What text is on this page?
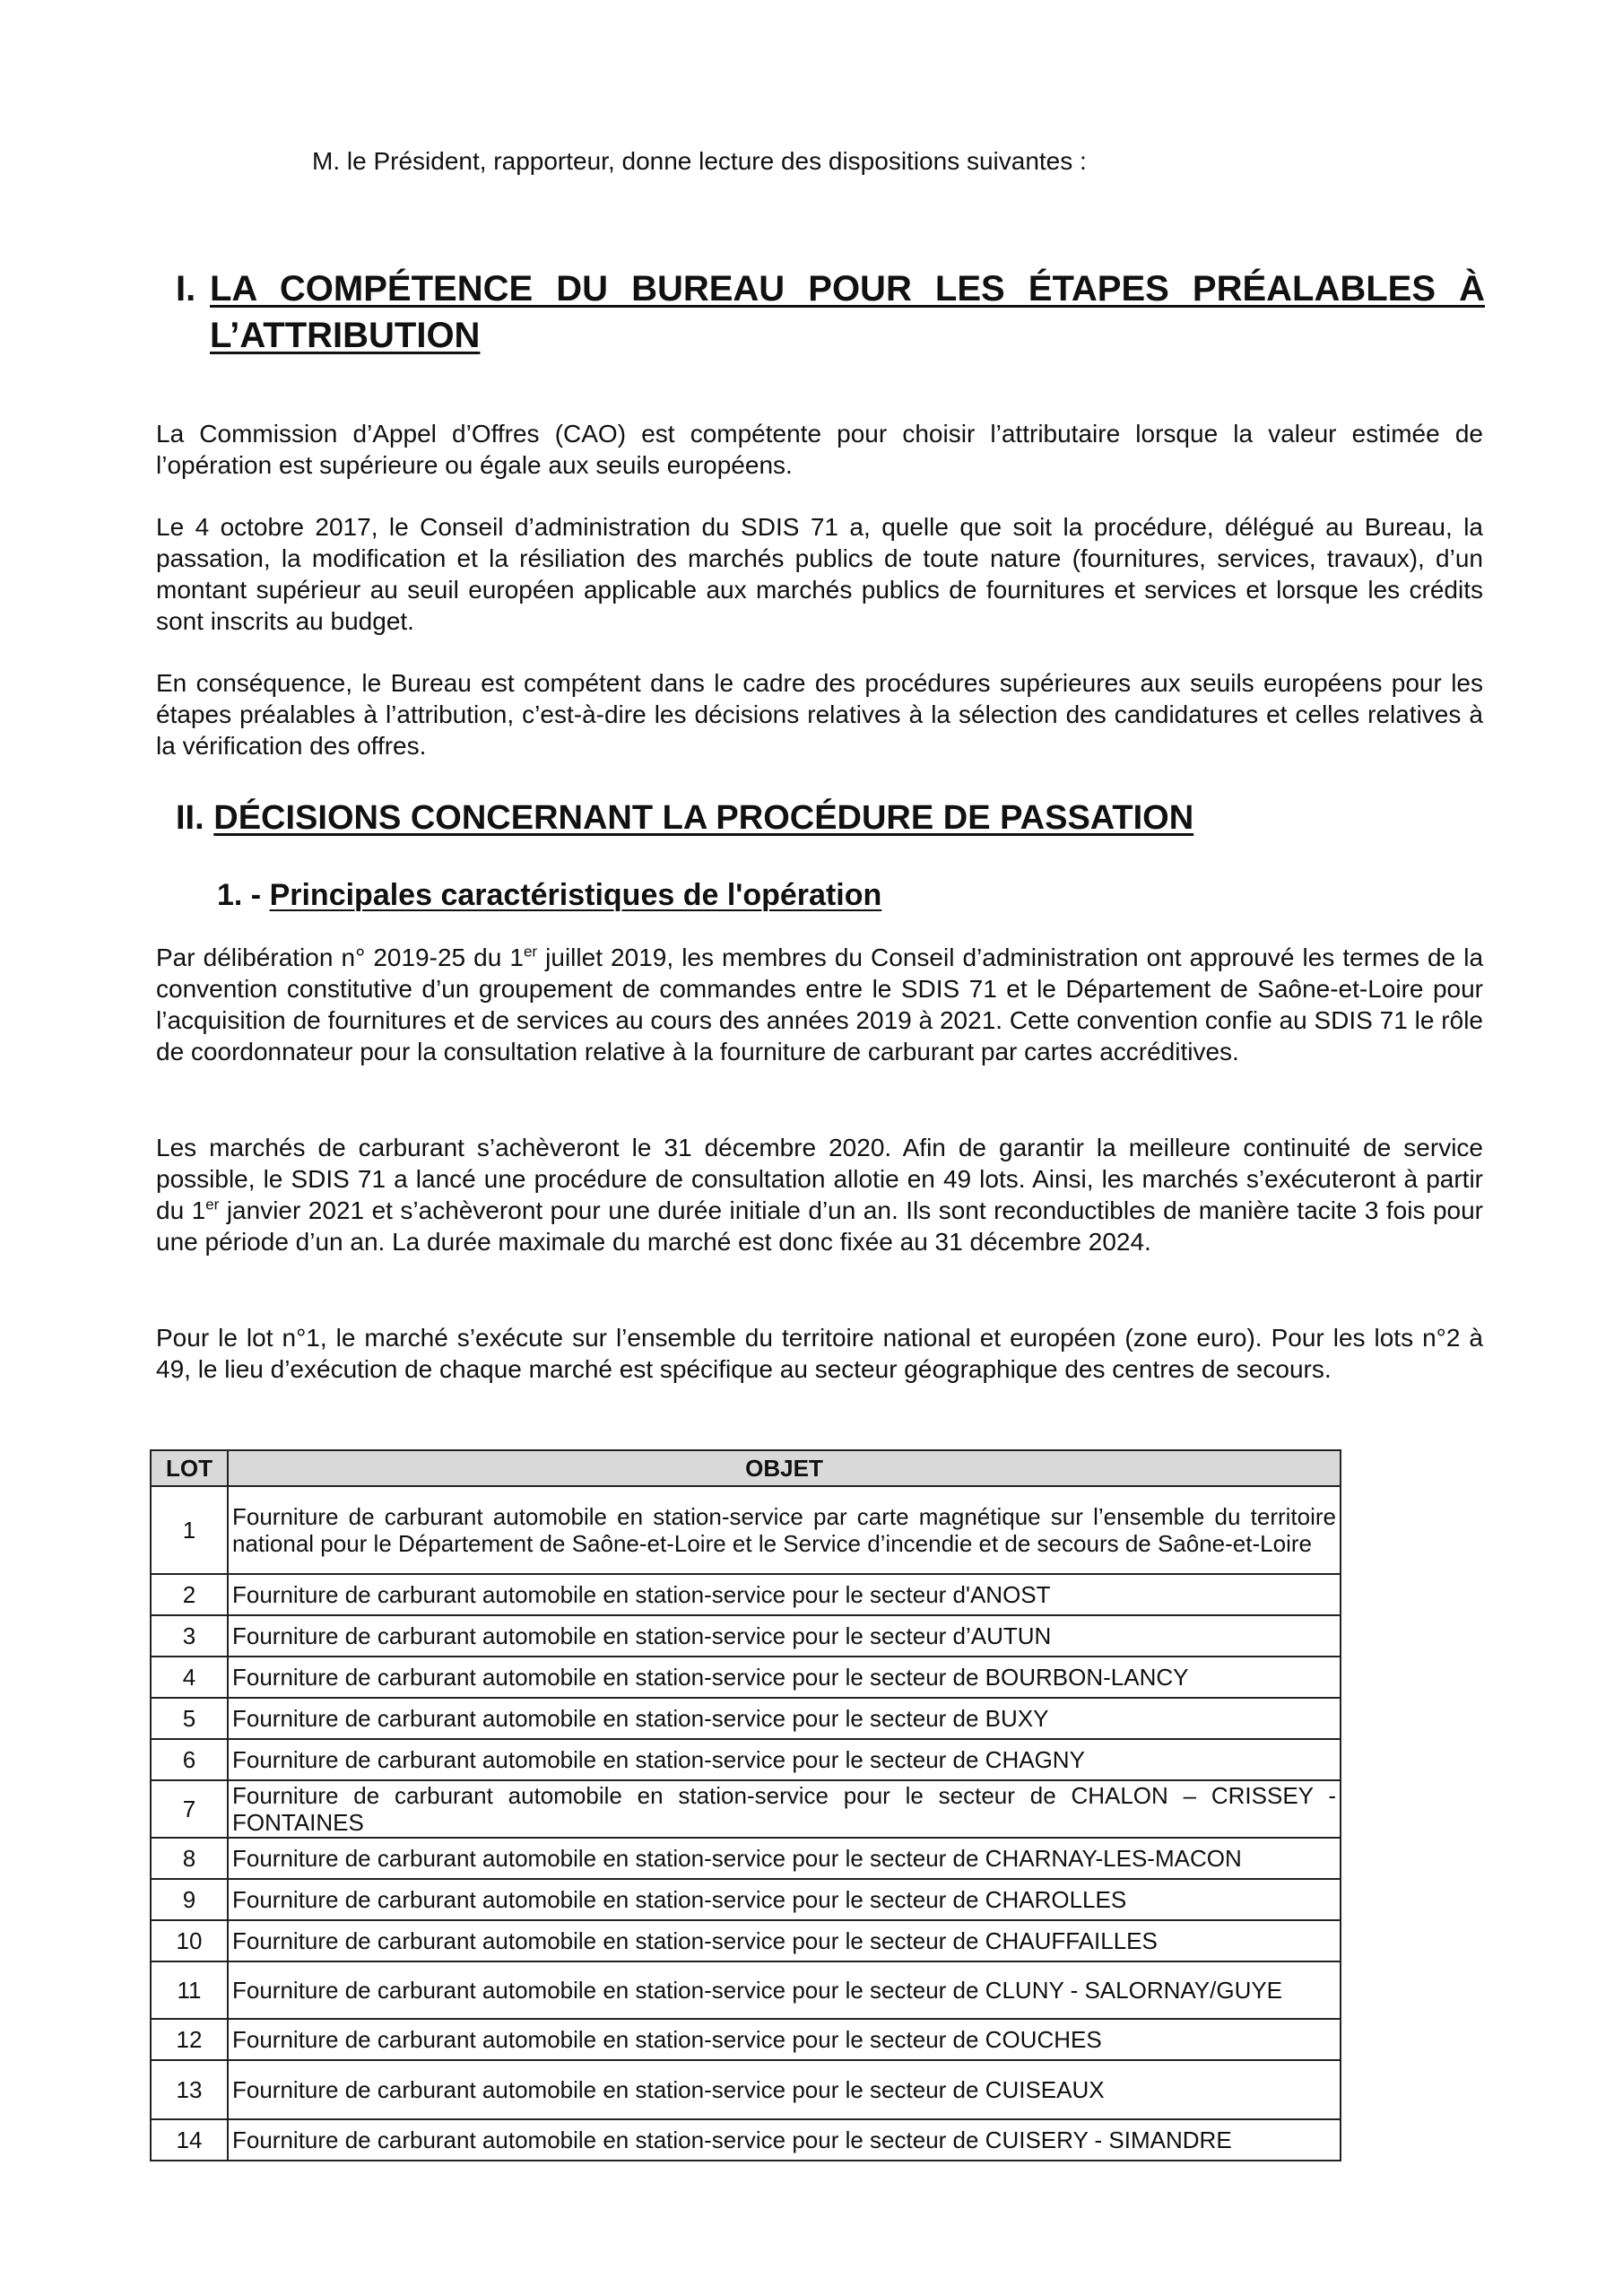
M. le Président, rapporteur, donne lecture des dispositions suivantes :
I. LA COMPÉTENCE DU BUREAU POUR LES ÉTAPES PRÉALABLES À L’ATTRIBUTION

La Commission d’Appel d’Offres (CAO) est compétente pour choisir l’attributaire lorsque la valeur estimée de l’opération est supérieure ou égale aux seuils européens.

Le 4 octobre 2017, le Conseil d’administration du SDIS 71 a, quelle que soit la procédure, délégué au Bureau, la passation, la modification et la résiliation des marchés publics de toute nature (fournitures, services, travaux), d’un montant supérieur au seuil européen applicable aux marchés publics de fournitures et services et lorsque les crédits sont inscrits au budget.

En conséquence, le Bureau est compétent dans le cadre des procédures supérieures aux seuils européens pour les étapes préalables à l’attribution, c’est-à-dire les décisions relatives à la sélection des candidatures et celles relatives à la vérification des offres.

II. DÉCISIONS CONCERNANT LA PROCÉDURE DE PASSATION
1. - Principales caractéristiques de l'opération

Par délibération n° 2019-25 du 1er juillet 2019, les membres du Conseil d’administration ont approuvé les termes de la convention constitutive d’un groupement de commandes entre le SDIS 71 et le Département de Saône-et-Loire pour l’acquisition de fournitures et de services au cours des années 2019 à 2021. Cette convention confie au SDIS 71 le rôle de coordonnateur pour la consultation relative à la fourniture de carburant par cartes accréditives.

Les marchés de carburant s’achèveront le 31 décembre 2020. Afin de garantir la meilleure continuité de service possible, le SDIS 71 a lancé une procédure de consultation allotie en 49 lots. Ainsi, les marchés s’exécuteront à partir du 1er janvier 2021 et s’achèveront pour une durée initiale d’un an. Ils sont reconductibles de manière tacite 3 fois pour une période d’un an. La durée maximale du marché est donc fixée au 31 décembre 2024.

Pour le lot n°1, le marché s’exécute sur l’ensemble du territoire national et européen (zone euro). Pour les lots n°2 à 49, le lieu d’exécution de chaque marché est spécifique au secteur géographique des centres de secours.

LOT	OBJET
1	Fourniture de carburant automobile en station-service par carte magnétique sur l’ensemble du territoire national pour le Département de Saône-et-Loire et le Service d’incendie et de secours de Saône-et-Loire
2	Fourniture de carburant automobile en station-service pour le secteur d'ANOST
3	Fourniture de carburant automobile en station-service pour le secteur d’AUTUN
4	Fourniture de carburant automobile en station-service pour le secteur de BOURBON-LANCY
5	Fourniture de carburant automobile en station-service pour le secteur de BUXY
6	Fourniture de carburant automobile en station-service pour le secteur de CHAGNY
7	Fourniture de carburant automobile en station-service pour le secteur de CHALON – CRISSEY - FONTAINES
8	Fourniture de carburant automobile en station-service pour le secteur de CHARNAY-LES-MACON
9	Fourniture de carburant automobile en station-service pour le secteur de CHAROLLES
10	Fourniture de carburant automobile en station-service pour le secteur de CHAUFFAILLES
11	Fourniture de carburant automobile en station-service pour le secteur de CLUNY - SALORNAY/GUYE
12	Fourniture de carburant automobile en station-service pour le secteur de COUCHES
13	Fourniture de carburant automobile en station-service pour le secteur de CUISEAUX
14	Fourniture de carburant automobile en station-service pour le secteur de CUISERY - SIMANDRE
